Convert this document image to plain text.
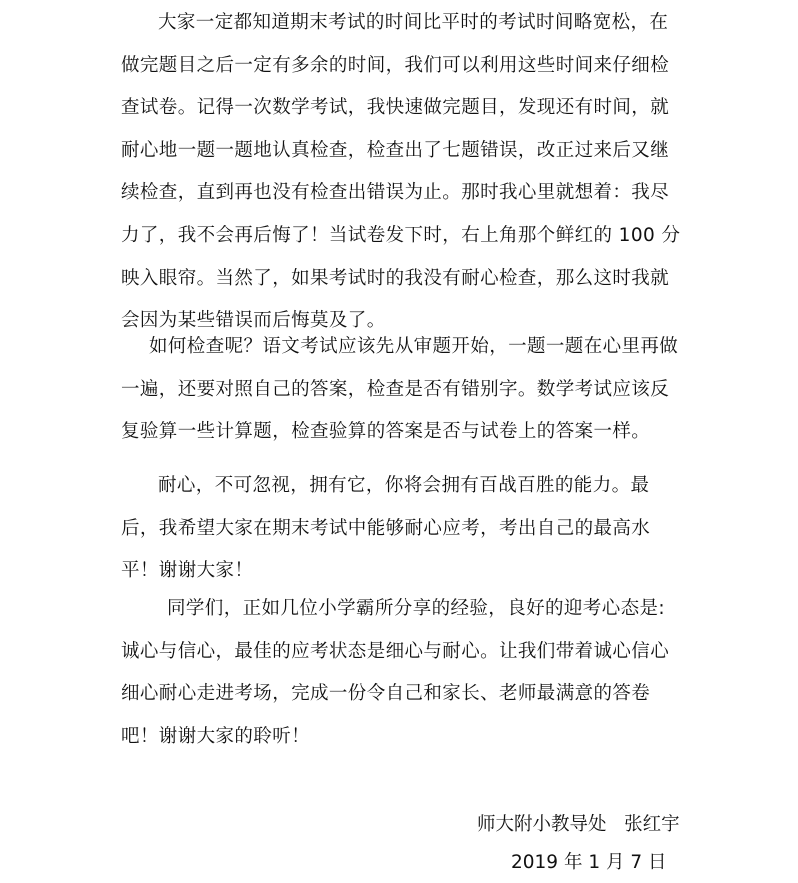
大家一定都知道期末考试的时间比平时的考试时间略宽松，在做完题目之后一定有多余的时间，我们可以利用这些时间来仔细检查试卷。记得一次数学考试，我快速做完题目，发现还有时间，就耐心地一题一题地认真检查，检查出了七题错误，改正过来后又继续检查，直到再也没有检查出错误为止。那时我心里就想着：我尽力了，我不会再后悔了！当试卷发下时，右上角那个鲜红的 100 分映入眼帘。当然了，如果考试时的我没有耐心检查，那么这时我就会因为某些错误而后悔莫及了。

如何检查呢？语文考试应该先从审题开始，一题一题在心里再做一遍，还要对照自己的答案，检查是否有错别字。数学考试应该反复验算一些计算题，检查验算的答案是否与试卷上的答案一样。

耐心，不可忽视，拥有它，你将会拥有百战百胜的能力。最后，我希望大家在期末考试中能够耐心应考，考出自己的最高水平！谢谢大家！

同学们，正如几位小学霸所分享的经验，良好的迎考心态是:诚心与信心，最佳的应考状态是细心与耐心。让我们带着诚心信心细心耐心走进考场，完成一份令自己和家长、老师最满意的答卷吧！谢谢大家的聆听！

师大附小教导处   张红宇
2019 年 1 月 7 日
